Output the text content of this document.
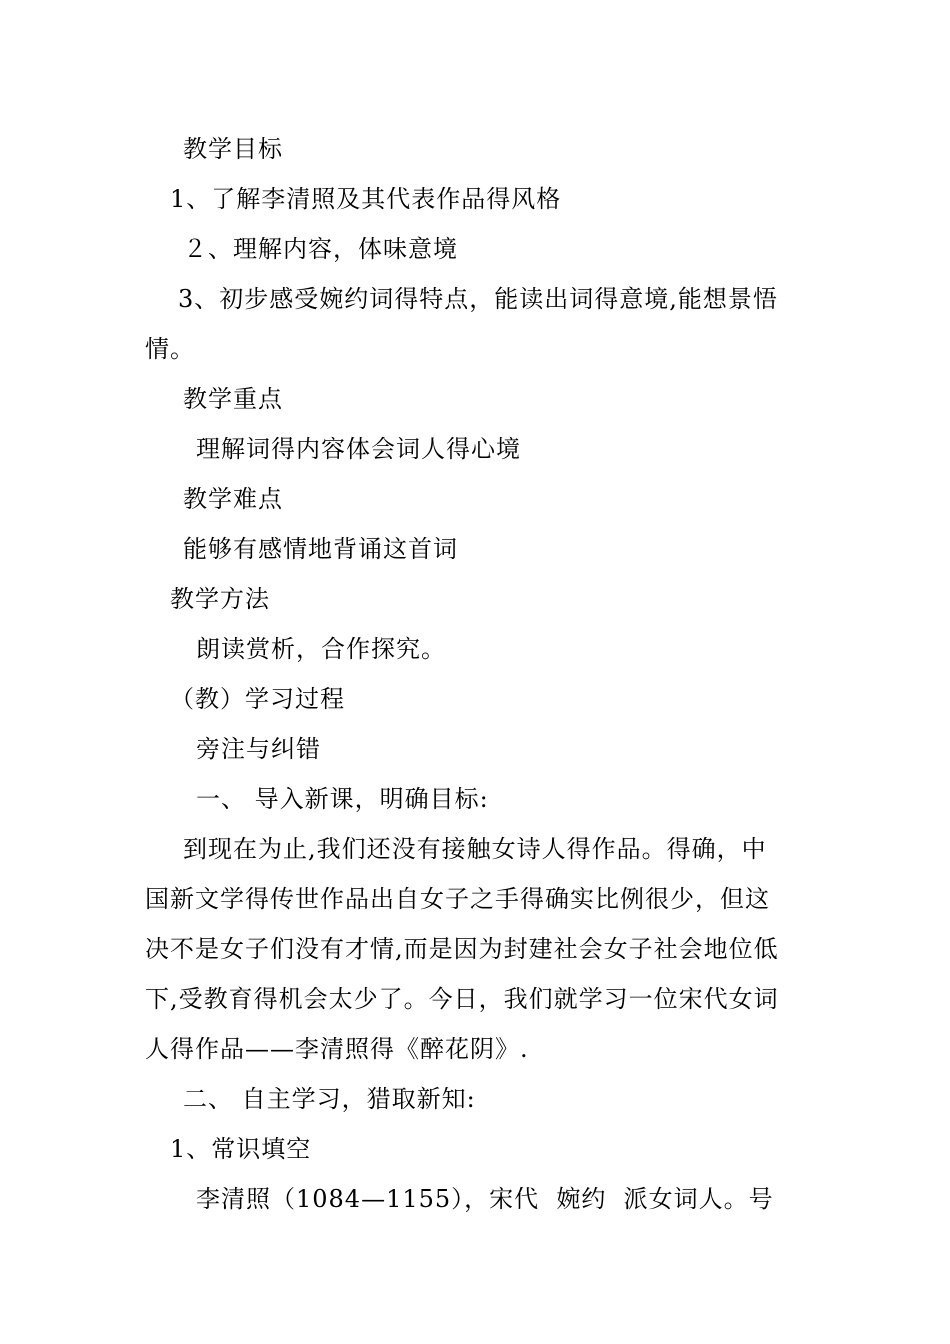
教学目标
1、了解李清照及其代表作品得风格
２、理解内容，体味意境
3、初步感受婉约词得特点，能读出词得意境,能想景悟
情。
教学重点
理解词得内容体会词人得心境
教学难点
能够有感情地背诵这首词
教学方法
朗读赏析，合作探究。
（教）学习过程
旁注与纠错
一、 导入新课，明确目标:
到现在为止,我们还没有接触女诗人得作品。得确，中
国新文学得传世作品出自女子之手得确实比例很少，但这
决不是女子们没有才情,而是因为封建社会女子社会地位低
下,受教育得机会太少了。今日，我们就学习一位宋代女词
人得作品——李清照得《醉花阴》.
二、 自主学习，猎取新知:
1、常识填空
李清照（1084—1155），宋代  婉约  派女词人。号
